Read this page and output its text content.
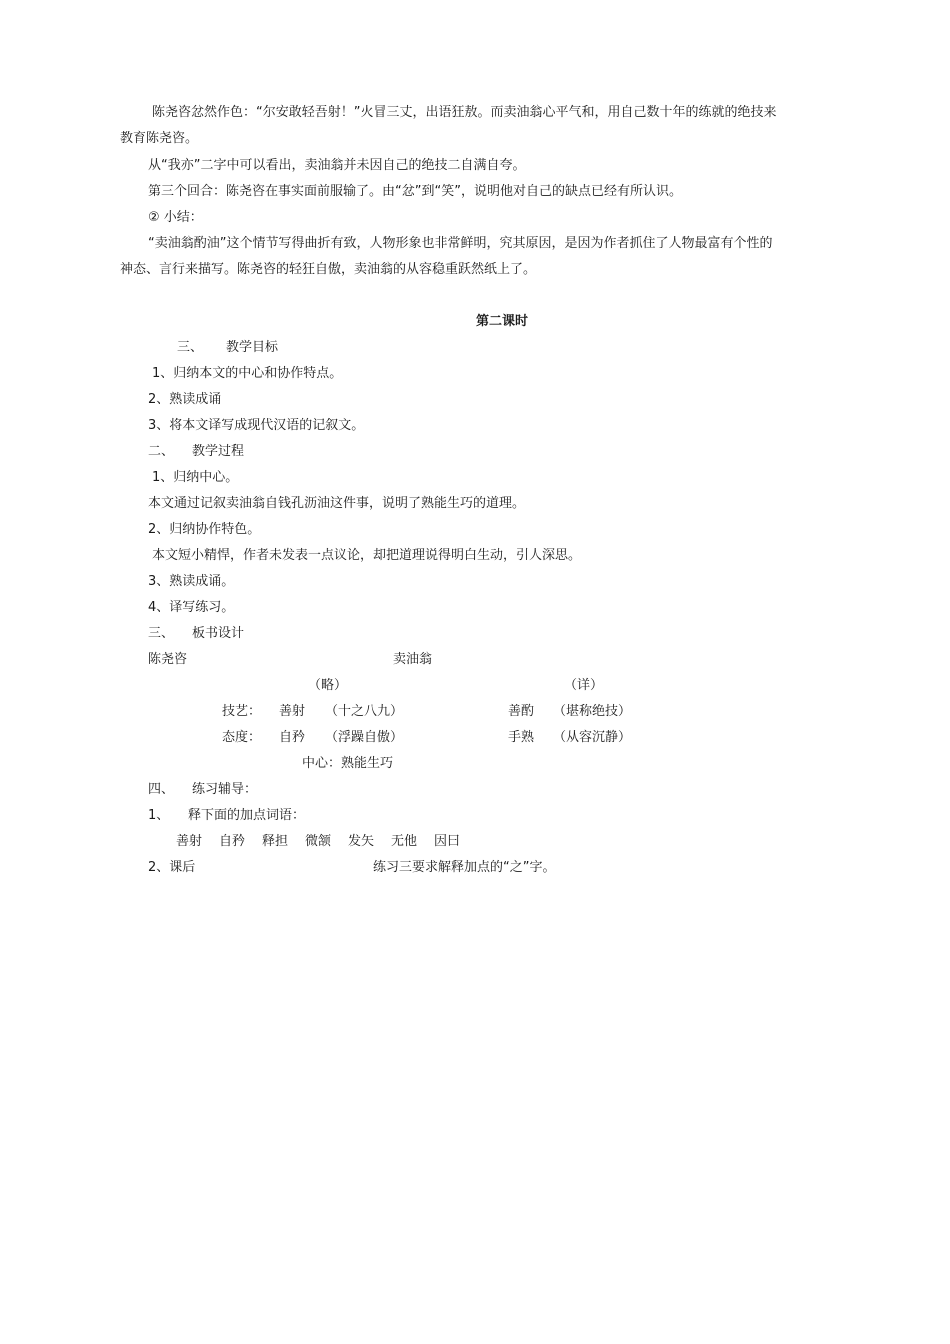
陈尧咨忿然作色：“尔安敢轻吾射！”火冒三丈，出语狂敖。而卖油翁心平气和，用自己数十年的练就的绝技来
教育陈尧咨。
从“我亦”二字中可以看出，卖油翁并未因自己的绝技二自满自夸。
第三个回合：陈尧咨在事实面前服输了。由“忿”到“笑”，说明他对自己的缺点已经有所认识。
② 小结：
“卖油翁酌油”这个情节写得曲折有致，人物形象也非常鲜明，究其原因，是因为作者抓住了人物最富有个性的
神态、言行来描写。陈尧咨的轻狂自傲，卖油翁的从容稳重跃然纸上了。
第二课时
三、 教学目标
1、归纳本文的中心和协作特点。
2、熟读成诵
3、将本文译写成现代汉语的记叙文。
二、 教学过程
1、归纳中心。
本文通过记叙卖油翁自钱孔沥油这件事，说明了熟能生巧的道理。
2、归纳协作特色。
本文短小精悍，作者未发表一点议论，却把道理说得明白生动，引人深思。
3、熟读成诵。
4、译写练习。
三、 板书设计
陈尧咨	卖油翁
（略）	（详）
技艺： 善射 （十之八九）	善酌 （堪称绝技）
态度： 自矜 （浮躁自傲）	手熟 （从容沉静）
中心：熟能生巧
四、 练习辅导：
1、 释下面的加点词语：
善射 自矜 释担 微颔 发矢 无他 因曰
2、课后	练习三要求解释加点的“之”字。
